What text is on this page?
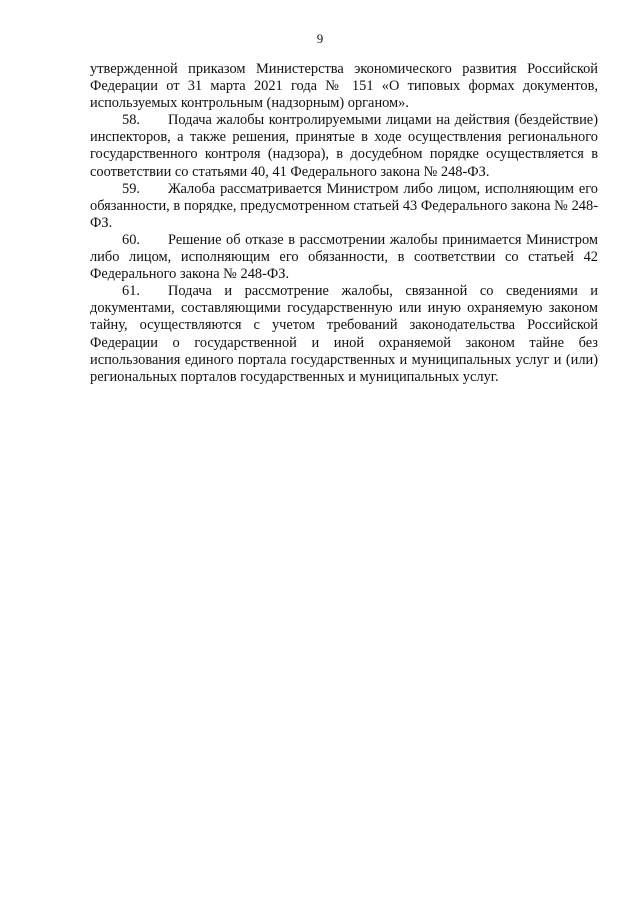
9

утвержденной приказом Министерства экономического развития Российской Федерации от 31 марта 2021 года № 151 «О типовых формах документов, используемых контрольным (надзорным) органом».

58. Подача жалобы контролируемыми лицами на действия (бездействие) инспекторов, а также решения, принятые в ходе осуществления регионального государственного контроля (надзора), в досудебном порядке осуществляется в соответствии со статьями 40, 41 Федерального закона № 248-ФЗ.

59. Жалоба рассматривается Министром либо лицом, исполняющим его обязанности, в порядке, предусмотренном статьей 43 Федерального закона № 248-ФЗ.

60. Решение об отказе в рассмотрении жалобы принимается Министром либо лицом, исполняющим его обязанности, в соответствии со статьей 42 Федерального закона № 248-ФЗ.

61. Подача и рассмотрение жалобы, связанной со сведениями и документами, составляющими государственную или иную охраняемую законом тайну, осуществляются с учетом требований законодательства Российской Федерации о государственной и иной охраняемой законом тайне без использования единого портала государственных и муниципальных услуг и (или) региональных порталов государственных и муниципальных услуг.
